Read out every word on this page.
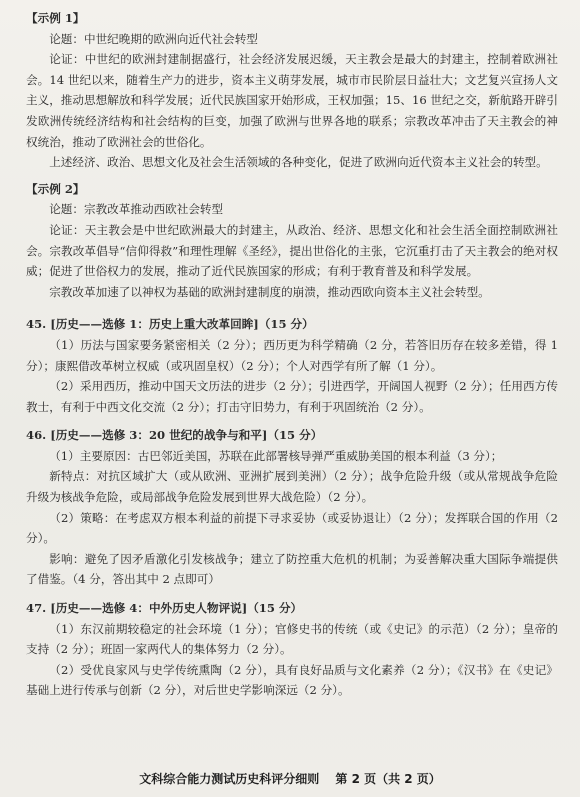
【示例 1】

论题：中世纪晚期的欧洲向近代社会转型

论证：中世纪的欧洲封建制据盛行，社会经济发展迟缓，天主教会是最大的封建主，控制着欧洲社会。14 世纪以来，随着生产力的进步，资本主义萌芽发展，城市市民阶层日益壮大；文艺复兴宣扬人文主义，推动思想解放和科学发展；近代民族国家开始形成，王权加强；15、16 世纪之交，新航路开辟引发欧洲传统经济结构和社会结构的巨变，加强了欧洲与世界各地的联系；宗教改革冲击了天主教会的神权统治，推动了欧洲社会的世俗化。

上述经济、政治、思想文化及社会生活领域的各种变化，促进了欧洲向近代资本主义社会的转型。

【示例 2】

论题：宗教改革推动西欧社会转型

论证：天主教会是中世纪欧洲最大的封建主，从政治、经济、思想文化和社会生活全面控制欧洲社会。宗教改革倡导“信仰得救”和理性理解《圣经》，提出世俗化的主张，它沉重打击了天主教会的绝对权威；促进了世俗权力的发展，推动了近代民族国家的形成；有利于教育普及和科学发展。

宗教改革加速了以神权为基础的欧洲封建制度的崩溃，推动西欧向资本主义社会转型。

45. [历史——选修 1：历史上重大改革回眸]（15 分）

（1）历法与国家要务紧密相关（2 分）；西历更为科学精确（2 分，若答旧历存在较多差错，得 1 分）；康熙借改革树立权威（或巩固皇权）（2 分）；个人对西学有所了解（1 分）。

（2）采用西历，推动中国天文历法的进步（2 分）；引进西学，开阔国人视野（2 分）；任用西方传教士，有利于中西文化交流（2 分）；打击守旧势力，有利于巩固统治（2 分）。

46. [历史——选修 3：20 世纪的战争与和平]（15 分）

（1）主要原因：古巴邻近美国，苏联在此部署核导弹严重威胁美国的根本利益（3 分）；

新特点：对抗区域扩大（或从欧洲、亚洲扩展到美洲）（2 分）；战争危险升级（或从常规战争危险升级为核战争危险，或局部战争危险发展到世界大战危险）（2 分）。

（2）策略：在考虑双方根本利益的前提下寻求妥协（或妥协退让）（2 分）；发挥联合国的作用（2 分）。

影响：避免了因矛盾激化引发核战争；建立了防控重大危机的机制；为妥善解决重大国际争端提供了借鉴。（4 分，答出其中 2 点即可）

47. [历史——选修 4：中外历史人物评说]（15 分）

（1）东汉前期较稳定的社会环境（1 分）；官修史书的传统（或《史记》的示范）（2 分）；皇帝的支持（2 分）；班固一家两代人的集体努力（2 分）。

（2）受优良家风与史学传统熏陶（2 分），具有良好品质与文化素养（2 分）；《汉书》在《史记》基础上进行传承与创新（2 分），对后世史学影响深远（2 分）。

文科综合能力测试历史科评分细则 第 2 页（共 2 页）
